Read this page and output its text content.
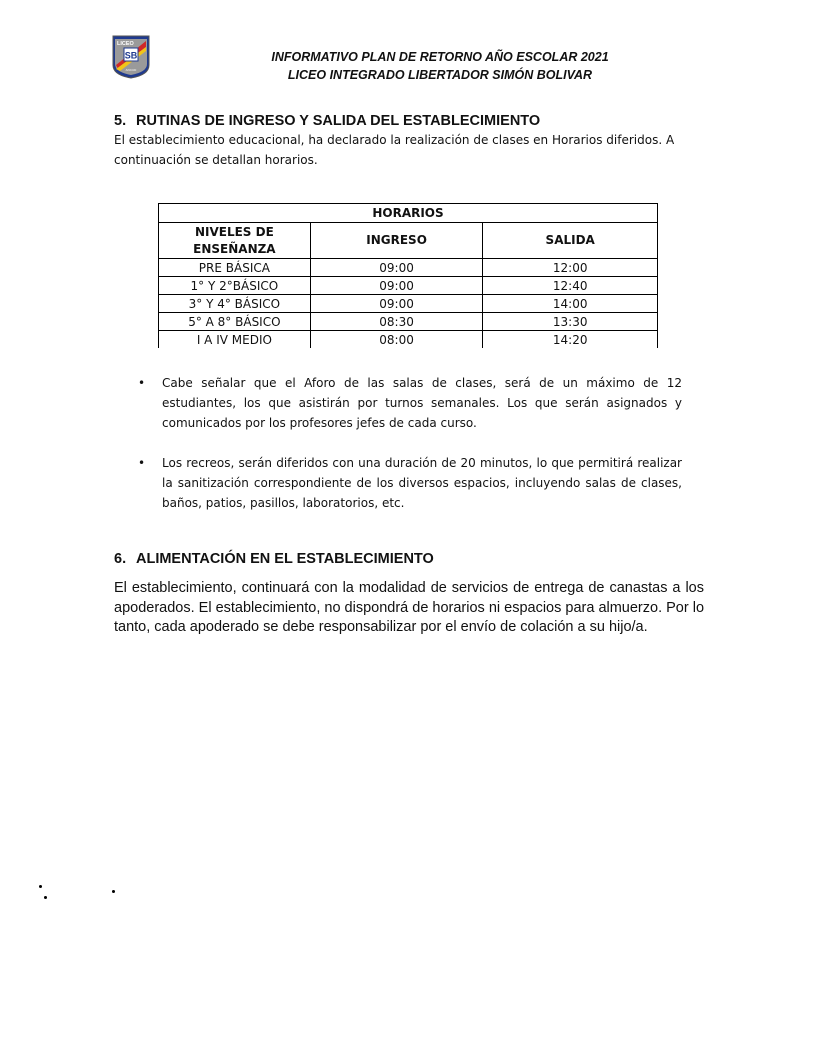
LICEO
SB
ANCUD
INFORMATIVO PLAN DE RETORNO AÑO ESCOLAR 2021
LICEO INTEGRADO LIBERTADOR SIMÓN BOLIVAR
5. RUTINAS DE INGRESO Y SALIDA DEL ESTABLECIMIENTO
El establecimiento educacional, ha declarado la realización de clases en Horarios diferidos. A
continuación se detallan horarios.
HORARIOS		

NIVELES DE
ENSEÑANZA	INGRESO	SALIDA
PRE BÁSICA	09:00	12:00
1° Y 2°BÁSICO	09:00	12:40
3° Y 4° BÁSICO	09:00	14:00
5° A 8° BÁSICO	08:30	13:30
I A IV MEDIO	08:00	14:20
• Cabe señalar que el Aforo de las salas de clases, será de un máximo de 12 estudiantes, los que asistirán por turnos semanales. Los que serán asignados y comunicados por los profesores jefes de cada curso.
• Los recreos, serán diferidos con una duración de 20 minutos, lo que permitirá realizar la sanitización correspondiente de los diversos espacios, incluyendo salas de clases, baños, patios, pasillos, laboratorios, etc.
6. ALIMENTACIÓN EN EL ESTABLECIMIENTO
El establecimiento, continuará con la modalidad de servicios de entrega de canastas a los apoderados. El establecimiento, no dispondrá de horarios ni espacios para almuerzo. Por lo tanto, cada apoderado se debe responsabilizar por el envío de colación a su hijo/a.
